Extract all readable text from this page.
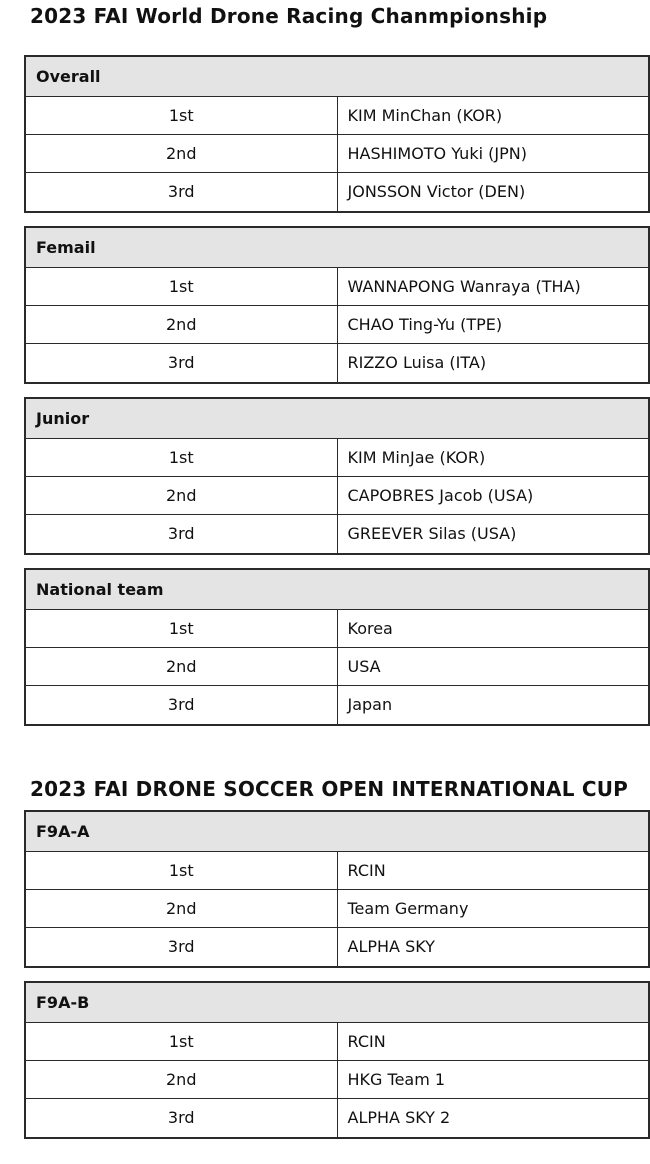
2023 FAI World Drone Racing Chanmpionship
Overall	
1st	KIM MinChan (KOR)
2nd	HASHIMOTO Yuki (JPN)
3rd	JONSSON Victor (DEN)
Femail	
1st	WANNAPONG Wanraya (THA)
2nd	CHAO Ting-Yu (TPE)
3rd	RIZZO Luisa (ITA)
Junior	
1st	KIM MinJae (KOR)
2nd	CAPOBRES Jacob (USA)
3rd	GREEVER Silas (USA)
National team	
1st	Korea
2nd	USA
3rd	Japan
2023 FAI DRONE SOCCER OPEN INTERNATIONAL CUP
F9A-A	
1st	RCIN
2nd	Team Germany
3rd	ALPHA SKY
F9A-B	
1st	RCIN
2nd	HKG Team 1
3rd	ALPHA SKY 2
